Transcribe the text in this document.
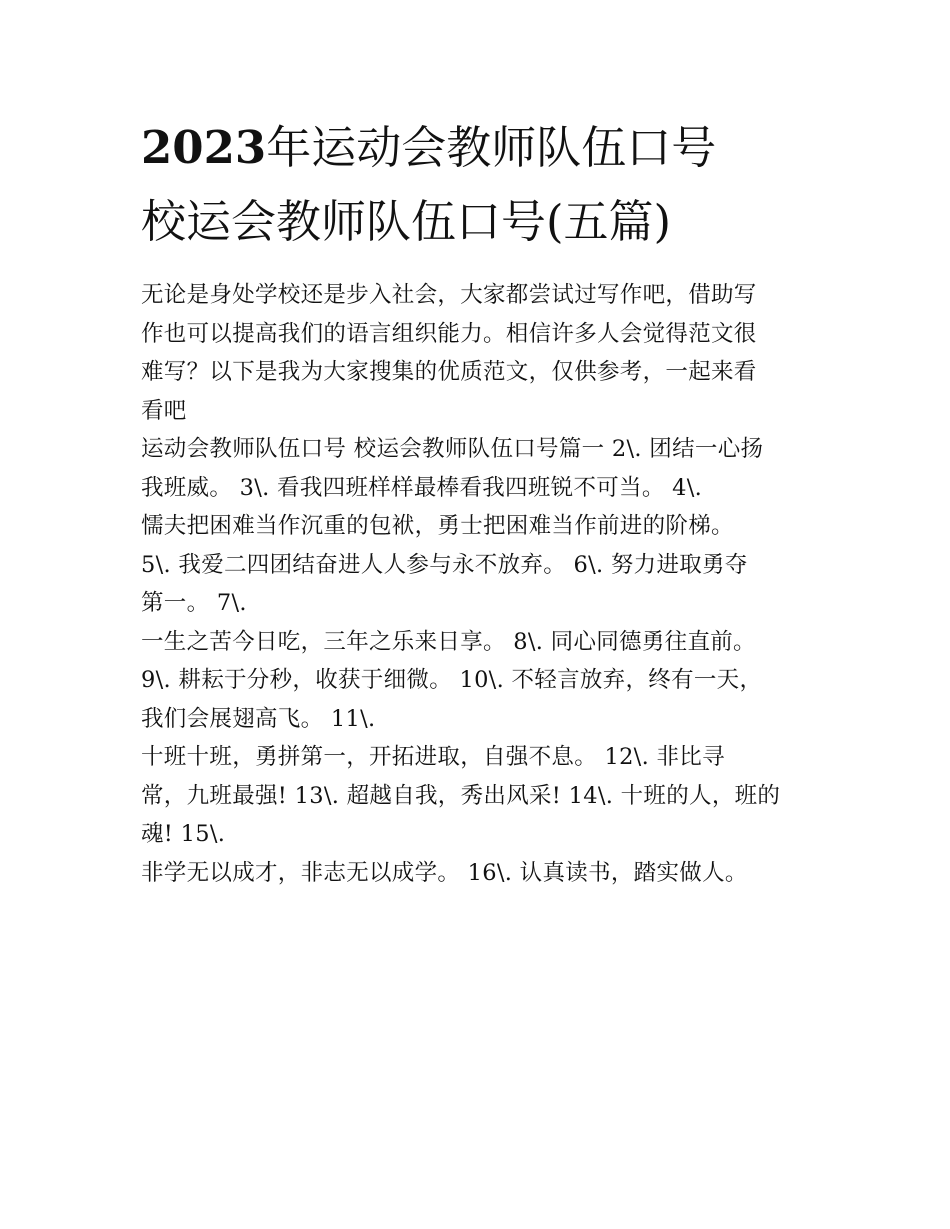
2023年运动会教师队伍口号
校运会教师队伍口号(五篇)
无论是身处学校还是步入社会，大家都尝试过写作吧，借助写
作也可以提高我们的语言组织能力。相信许多人会觉得范文很
难写？以下是我为大家搜集的优质范文，仅供参考，一起来看
看吧
运动会教师队伍口号 校运会教师队伍口号篇一 2\. 团结一心扬
我班威。 3\. 看我四班样样最棒看我四班锐不可当。 4\.
懦夫把困难当作沉重的包袱，勇士把困难当作前进的阶梯。
5\. 我爱二四团结奋进人人参与永不放弃。 6\. 努力进取勇夺
第一。 7\.
一生之苦今日吃，三年之乐来日享。 8\. 同心同德勇往直前。
9\. 耕耘于分秒，收获于细微。 10\. 不轻言放弃，终有一天，
我们会展翅高飞。 11\.
十班十班，勇拼第一，开拓进取，自强不息。 12\. 非比寻
常，九班最强! 13\. 超越自我，秀出风采! 14\. 十班的人，班的
魂! 15\.
非学无以成才，非志无以成学。 16\. 认真读书，踏实做人。
